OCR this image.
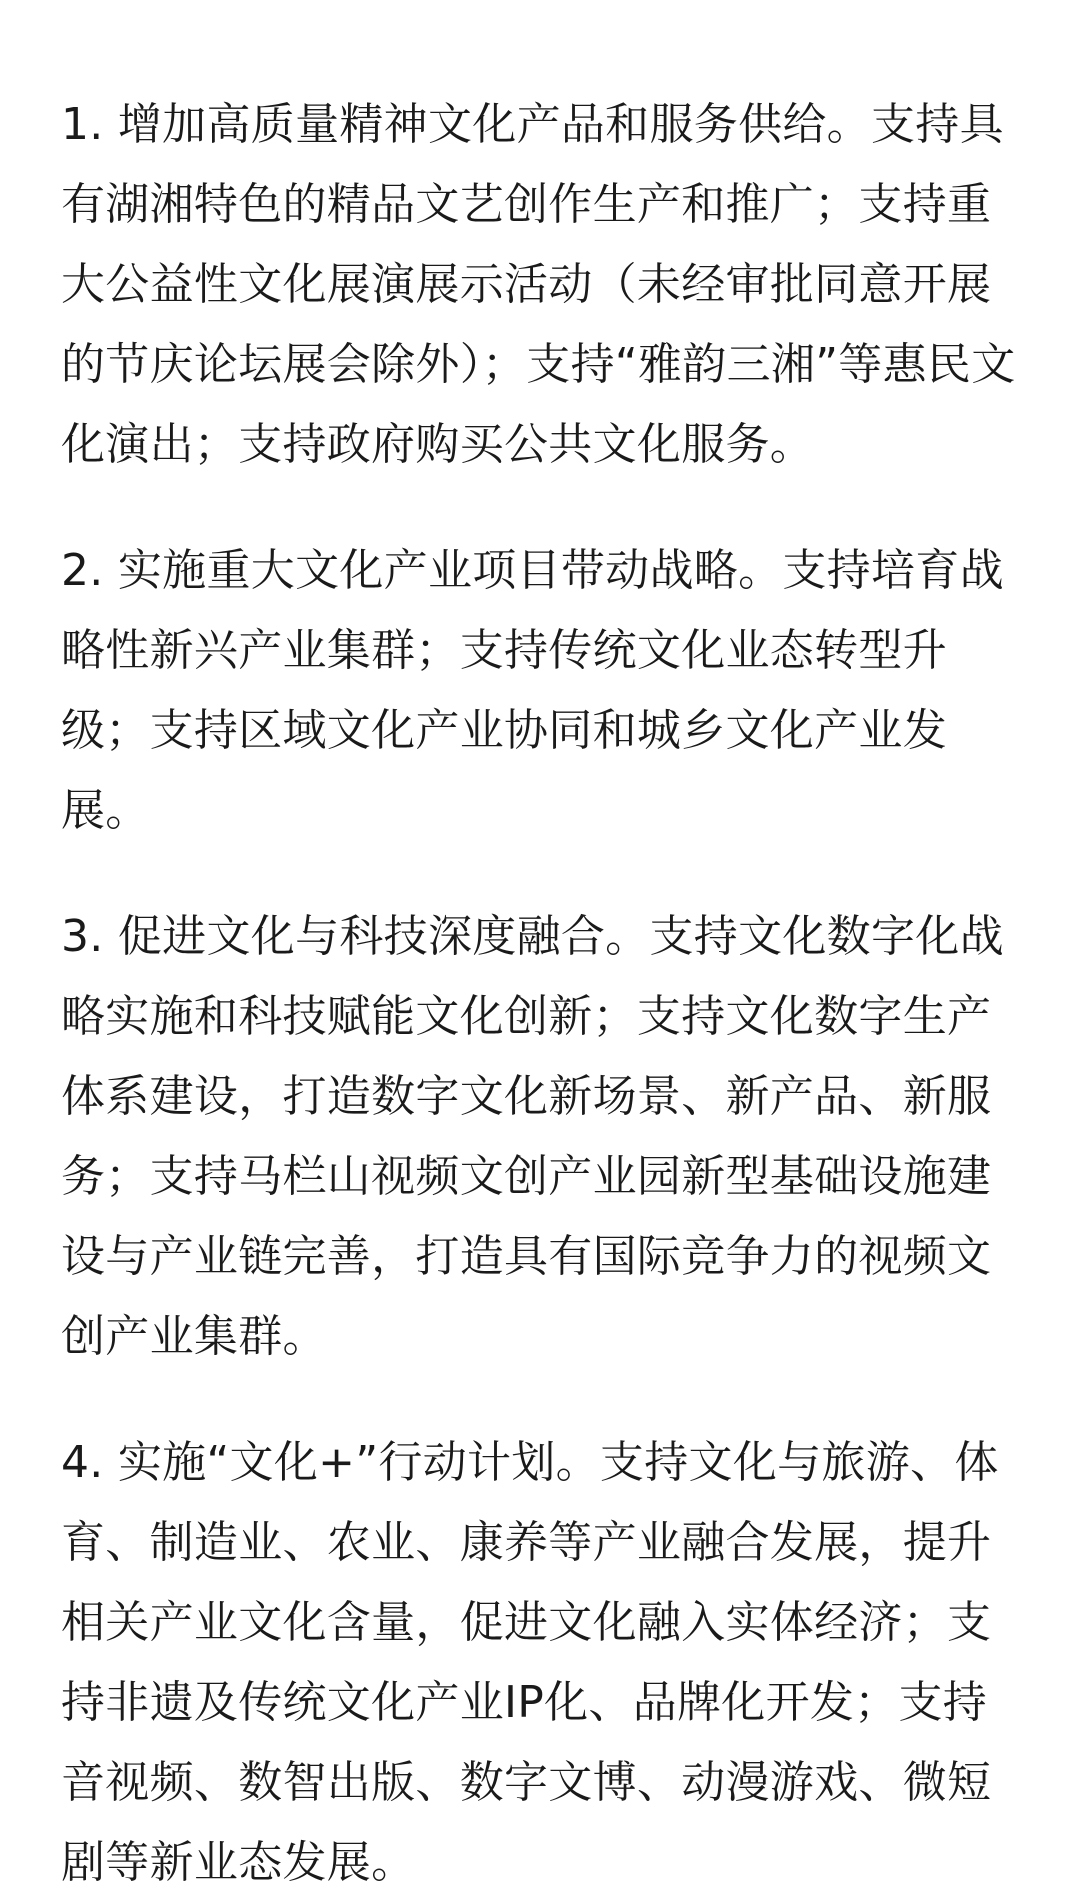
1. 增加高质量精神文化产品和服务供给。支持具有湖湘特色的精品文艺创作生产和推广；支持重大公益性文化展演展示活动（未经审批同意开展的节庆论坛展会除外）；支持“雅韵三湘”等惠民文化演出；支持政府购买公共文化服务。

2. 实施重大文化产业项目带动战略。支持培育战略性新兴产业集群；支持传统文化业态转型升级；支持区域文化产业协同和城乡文化产业发展。

3. 促进文化与科技深度融合。支持文化数字化战略实施和科技赋能文化创新；支持文化数字生产体系建设，打造数字文化新场景、新产品、新服务；支持马栏山视频文创产业园新型基础设施建设与产业链完善，打造具有国际竞争力的视频文创产业集群。

4. 实施“文化+”行动计划。支持文化与旅游、体育、制造业、农业、康养等产业融合发展，提升相关产业文化含量，促进文化融入实体经济；支持非遗及传统文化产业IP化、品牌化开发；支持音视频、数智出版、数字文博、动漫游戏、微短剧等新业态发展。
